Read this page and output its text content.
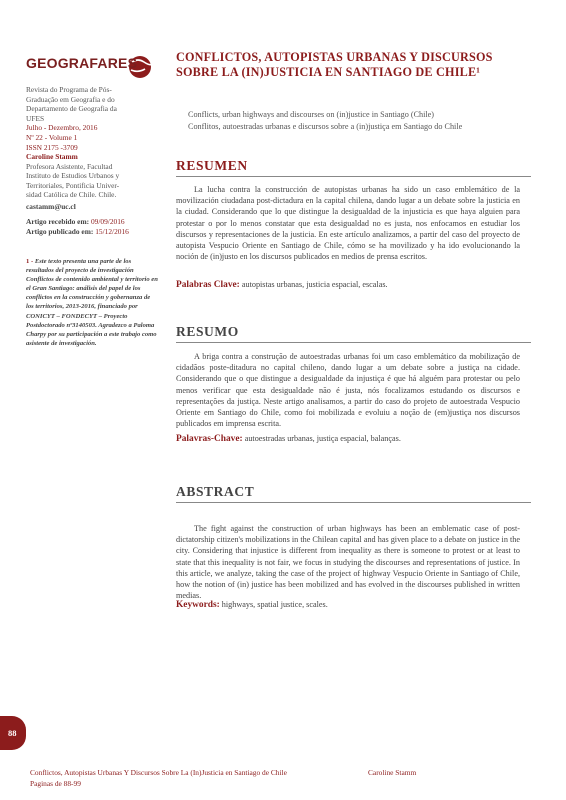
GEOGRAFARES
Revista do Programa de Pós-
Graduação em Geografia e do
Departamento de Geografia da
UFES
Julho - Dezembro, 2016
Nº 22 - Volume 1
ISSN 2175 -3709
Caroline Stamm
Profesora Asistente, Facultad
Instituto de Estudios Urbanos y
Territoriales, Pontificia Univer-
sidad Católica de Chile. Chile.
castamm@uc.cl
Artigo recebido em: 09/09/2016
Artigo publicado em: 15/12/2016
1 - Este texto presenta una parte de los resultados del proyecto de investigación Conflictos de contenido ambiental y territorio en el Gran Santiago: análisis del papel de los conflictos en la construcción y gobernanza de los territorios, 2013-2016, financiado por CONICYT – FONDECYT – Proyecto Postdoctorado nº3140503. Agradezco a Paloma Charpy por su participación a este trabajo como asistente de investigación.
CONFLICTOS, AUTOPISTAS URBANAS Y DISCURSOS SOBRE LA (IN)JUSTICIA EN SANTIAGO DE CHILE¹
Conflicts, urban highways and discourses on (in)justice in Santiago (Chile)
Conflitos, autoestradas urbanas e discursos sobre a (in)justiça em Santiago do Chile
RESUMEN
La lucha contra la construcción de autopistas urbanas ha sido un caso emblemático de la movilización ciudadana post-dictadura en la capital chilena, dando lugar a un debate sobre la justicia en la ciudad. Considerando que lo que distingue la desigualdad de la injusticia es que haya alguien para protestar o por lo menos constatar que esta desigualdad no es justa, nos enfocamos en estudiar los discursos y representaciones de la justicia. En este artículo analizamos, a partir del caso del proyecto de autopista Vespucio Oriente en Santiago de Chile, cómo se ha movilizado y ha ido evolucionando la noción de (in)justo en los discursos publicados en medios de prensa escritos.
Palabras Clave: autopistas urbanas, justicia espacial, escalas.
RESUMO
A briga contra a construção de autoestradas urbanas foi um caso emblemático da mobilização de cidadãos poste-ditadura no capital chileno, dando lugar a um debate sobre a justiça na cidade. Considerando que o que distingue a desigualdade da injustiça é que há alguém para protestar ou pelo menos verificar que esta desigualdade não é justa, nós focalizamos estudando os discursos e representações da justiça. Neste artigo analisamos, a partir do caso do projeto de autoestrada Vespucio Oriente em Santiago do Chile, como foi mobilizada e evoluiu a noção de (em)justiça nos discursos publicados em imprensa escrita.
Palavras-Chave: autoestradas urbanas, justiça espacial, balanças.
ABSTRACT
The fight against the construction of urban highways has been an emblematic case of post-dictatorship citizen's mobilizations in the Chilean capital and has given place to a debate on justice in the city. Considering that injustice is different from inequality as there is someone to protest or at least to state that this inequality is not fair, we focus in studying the discourses and representations of justice. In this article, we analyze, taking the case of the project of highway Vespucio Oriente in Santiago of Chile, how the notion of (in) justice has been mobilized and has evolved in the discourses published in written medias.
Keywords: highways, spatial justice, scales.
88
Conflictos, Autopistas Urbanas Y Discursos Sobre La (In)Justicia en Santiago de Chile
Paginas de 88-99
Caroline Stamm
